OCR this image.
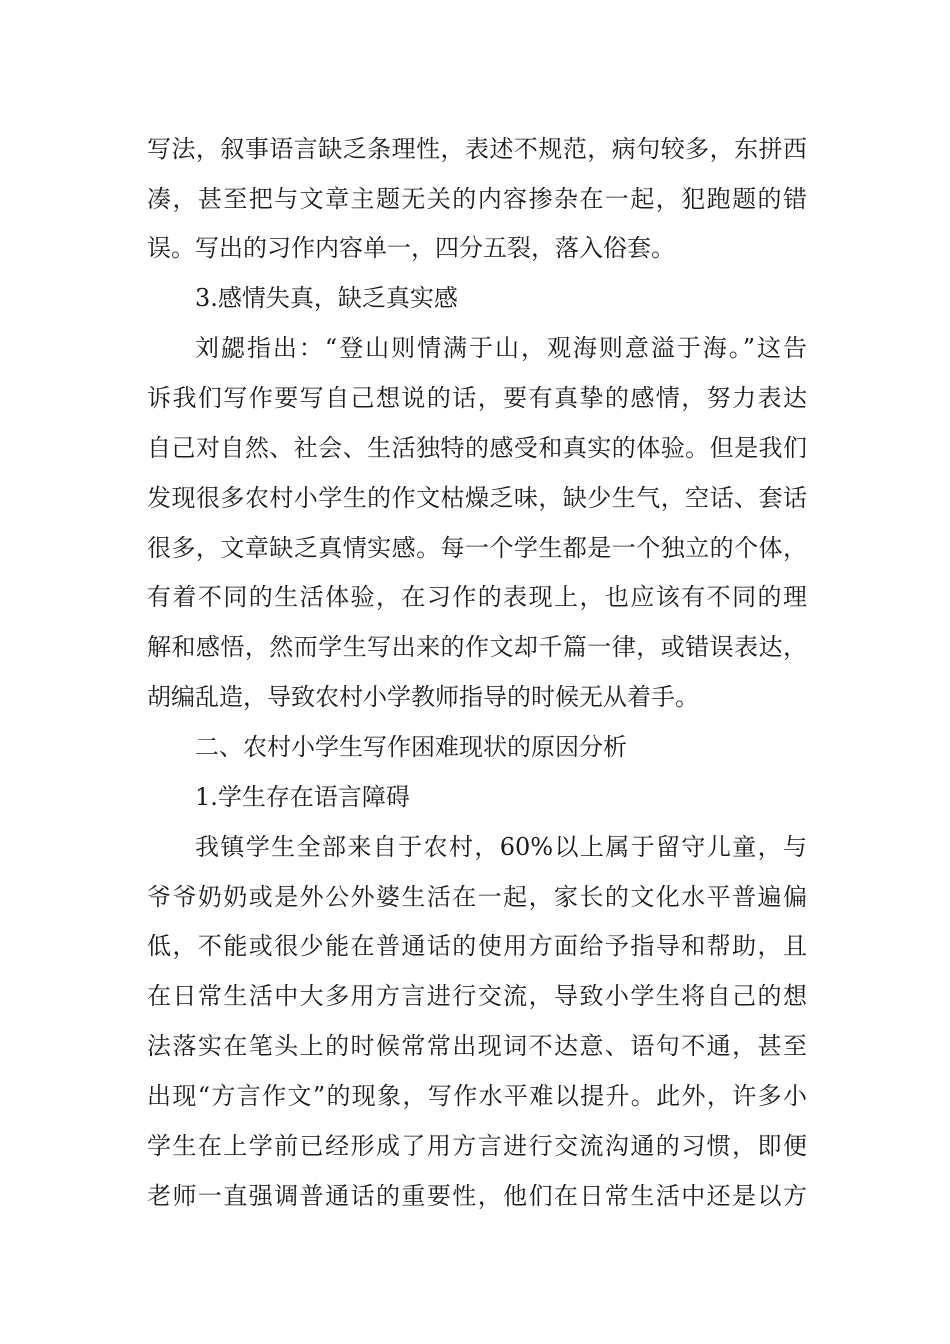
写法，叙事语言缺乏条理性，表述不规范，病句较多，东拼西
凑，甚至把与文章主题无关的内容掺杂在一起，犯跑题的错
误。写出的习作内容单一，四分五裂，落入俗套。
3.感情失真，缺乏真实感
刘勰指出：“登山则情满于山，观海则意溢于海。”这告
诉我们写作要写自己想说的话，要有真挚的感情，努力表达
自己对自然、社会、生活独特的感受和真实的体验。但是我们
发现很多农村小学生的作文枯燥乏味，缺少生气，空话、套话
很多，文章缺乏真情实感。每一个学生都是一个独立的个体，
有着不同的生活体验，在习作的表现上，也应该有不同的理
解和感悟，然而学生写出来的作文却千篇一律，或错误表达，
胡编乱造，导致农村小学教师指导的时候无从着手。
二、农村小学生写作困难现状的原因分析
1.学生存在语言障碍
我镇学生全部来自于农村，60%以上属于留守儿童，与
爷爷奶奶或是外公外婆生活在一起，家长的文化水平普遍偏
低，不能或很少能在普通话的使用方面给予指导和帮助，且
在日常生活中大多用方言进行交流，导致小学生将自己的想
法落实在笔头上的时候常常出现词不达意、语句不通，甚至
出现“方言作文”的现象，写作水平难以提升。此外，许多小
学生在上学前已经形成了用方言进行交流沟通的习惯，即便
老师一直强调普通话的重要性，他们在日常生活中还是以方
